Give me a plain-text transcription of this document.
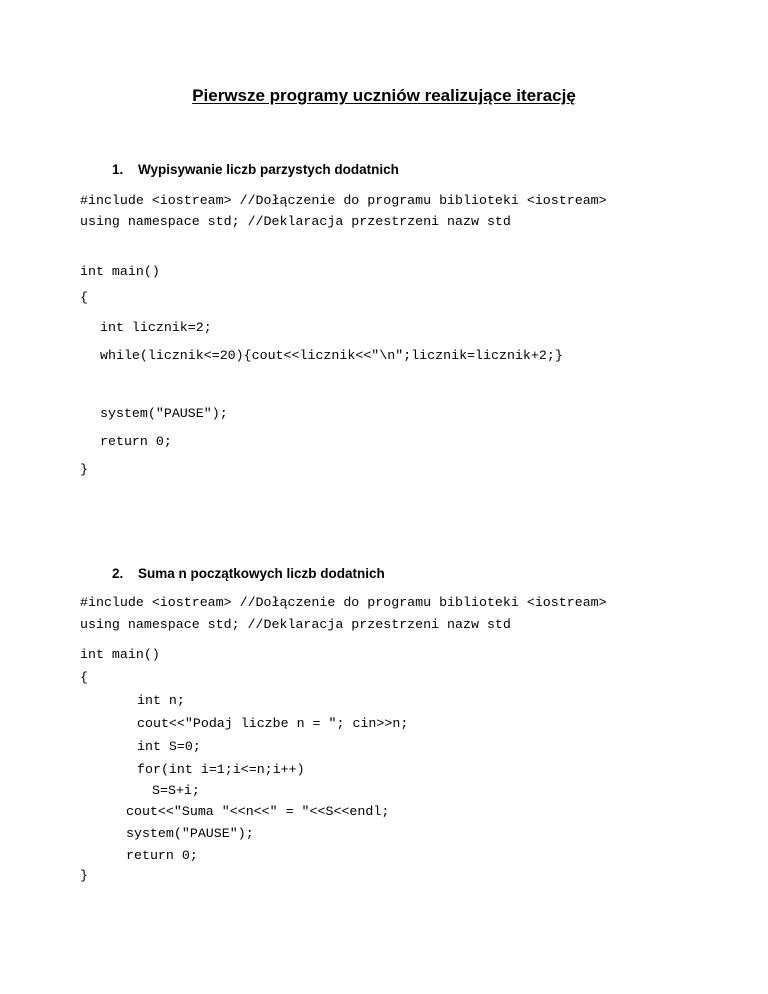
Pierwsze programy uczniów realizujące iterację
1. Wypisywanie liczb parzystych dodatnich
#include <iostream> //Dołączenie do programu biblioteki <iostream>
using namespace std; //Deklaracja przestrzeni nazw std
int main()
{
int licznik=2;
while(licznik<=20){cout<<licznik<<"\n";licznik=licznik+2;}
system("PAUSE");
return 0;
}
2. Suma n początkowych liczb dodatnich
#include <iostream> //Dołączenie do programu biblioteki <iostream>
using namespace std; //Deklaracja przestrzeni nazw std
int main()
{
int n;
cout<<"Podaj liczbe n = "; cin>>n;
int S=0;
for(int i=1;i<=n;i++)
S=S+i;
cout<<"Suma "<<n<<" = "<<S<<endl;
system("PAUSE");
return 0;
}
